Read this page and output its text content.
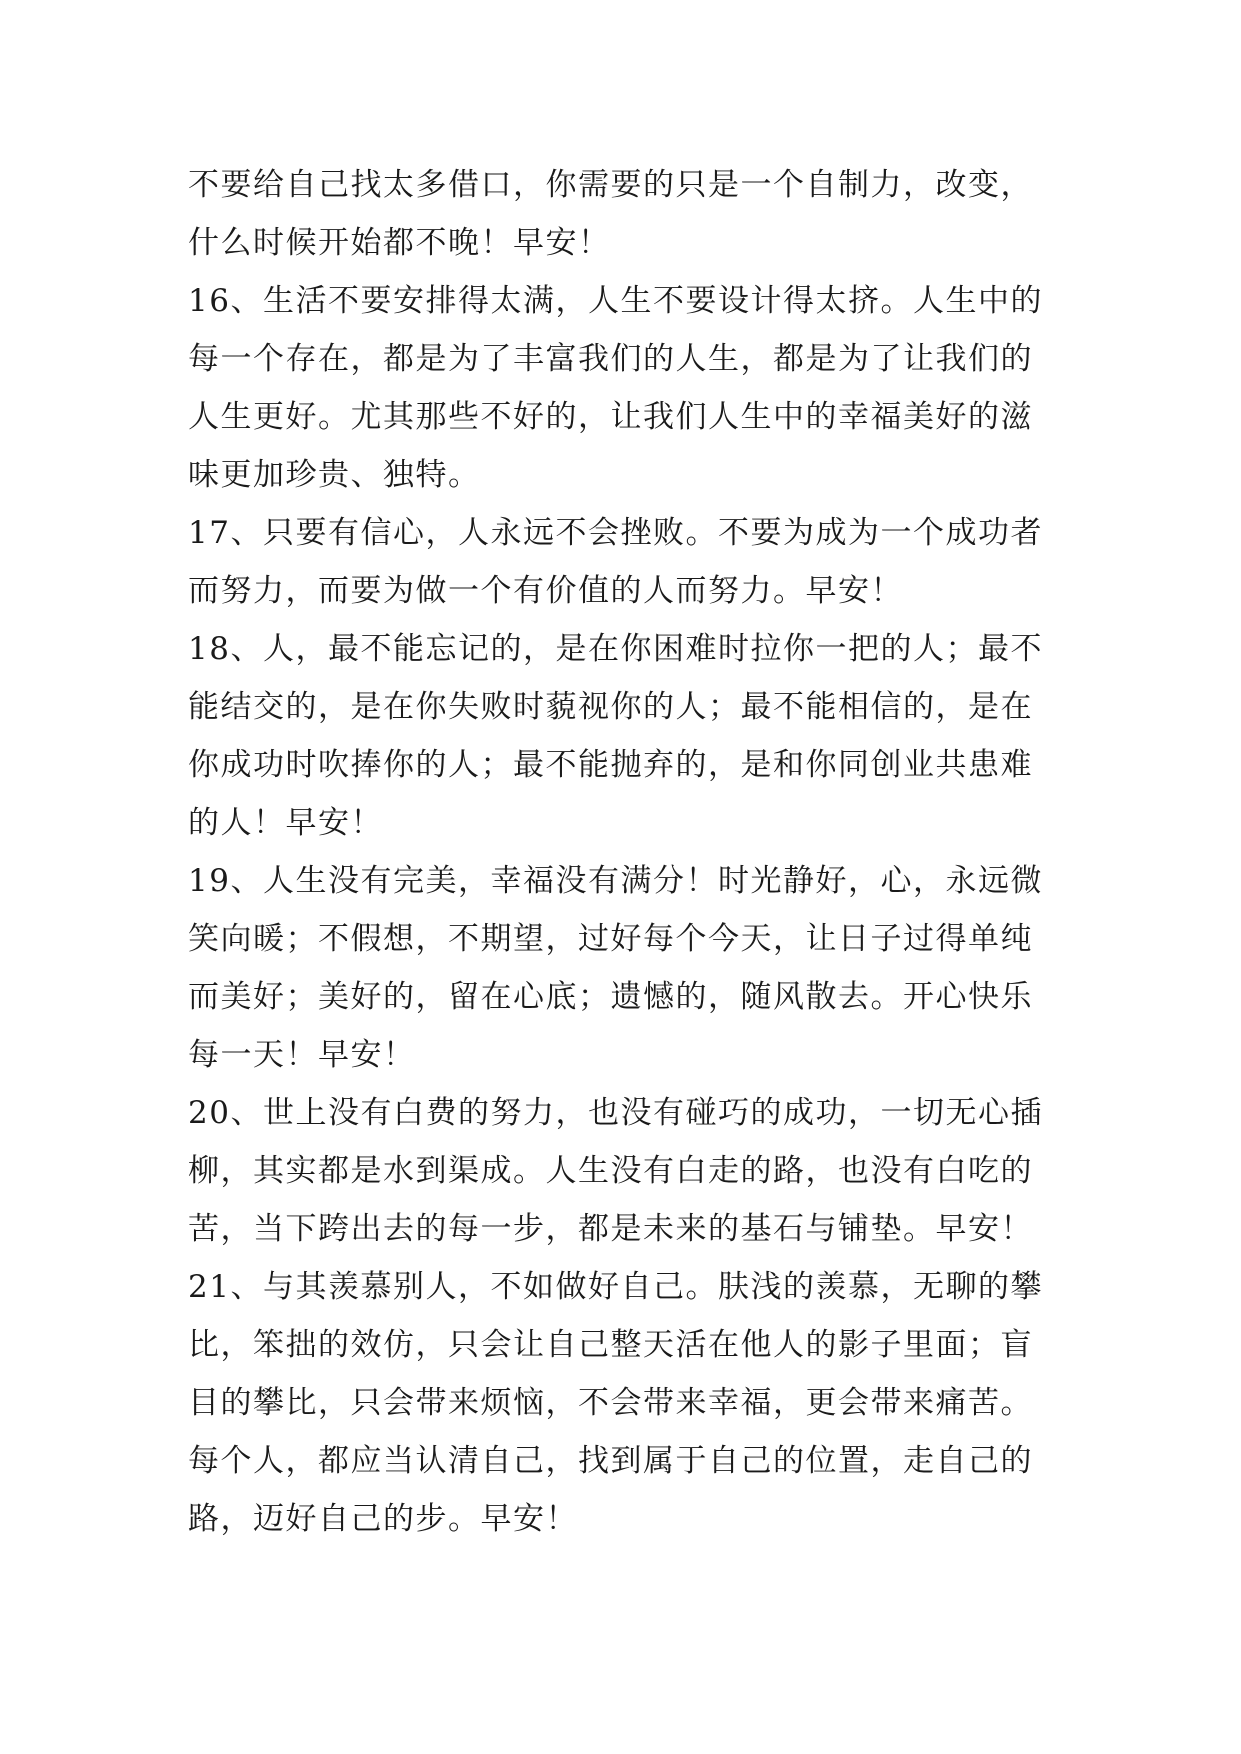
不要给自己找太多借口，你需要的只是一个自制力，改变，
什么时候开始都不晚！早安！
16、生活不要安排得太满，人生不要设计得太挤。人生中的
每一个存在，都是为了丰富我们的人生，都是为了让我们的
人生更好。尤其那些不好的，让我们人生中的幸福美好的滋
味更加珍贵、独特。
17、只要有信心，人永远不会挫败。不要为成为一个成功者
而努力，而要为做一个有价值的人而努力。早安！
18、人，最不能忘记的，是在你困难时拉你一把的人；最不
能结交的，是在你失败时藐视你的人；最不能相信的，是在
你成功时吹捧你的人；最不能抛弃的，是和你同创业共患难
的人！早安！
19、人生没有完美，幸福没有满分！时光静好，心，永远微
笑向暖；不假想，不期望，过好每个今天，让日子过得单纯
而美好；美好的，留在心底；遗憾的，随风散去。开心快乐
每一天！早安！
20、世上没有白费的努力，也没有碰巧的成功，一切无心插
柳，其实都是水到渠成。人生没有白走的路，也没有白吃的
苦，当下跨出去的每一步，都是未来的基石与铺垫。早安！
21、与其羡慕别人，不如做好自己。肤浅的羡慕，无聊的攀
比，笨拙的效仿，只会让自己整天活在他人的影子里面；盲
目的攀比，只会带来烦恼，不会带来幸福，更会带来痛苦。
每个人，都应当认清自己，找到属于自己的位置，走自己的
路，迈好自己的步。早安！
